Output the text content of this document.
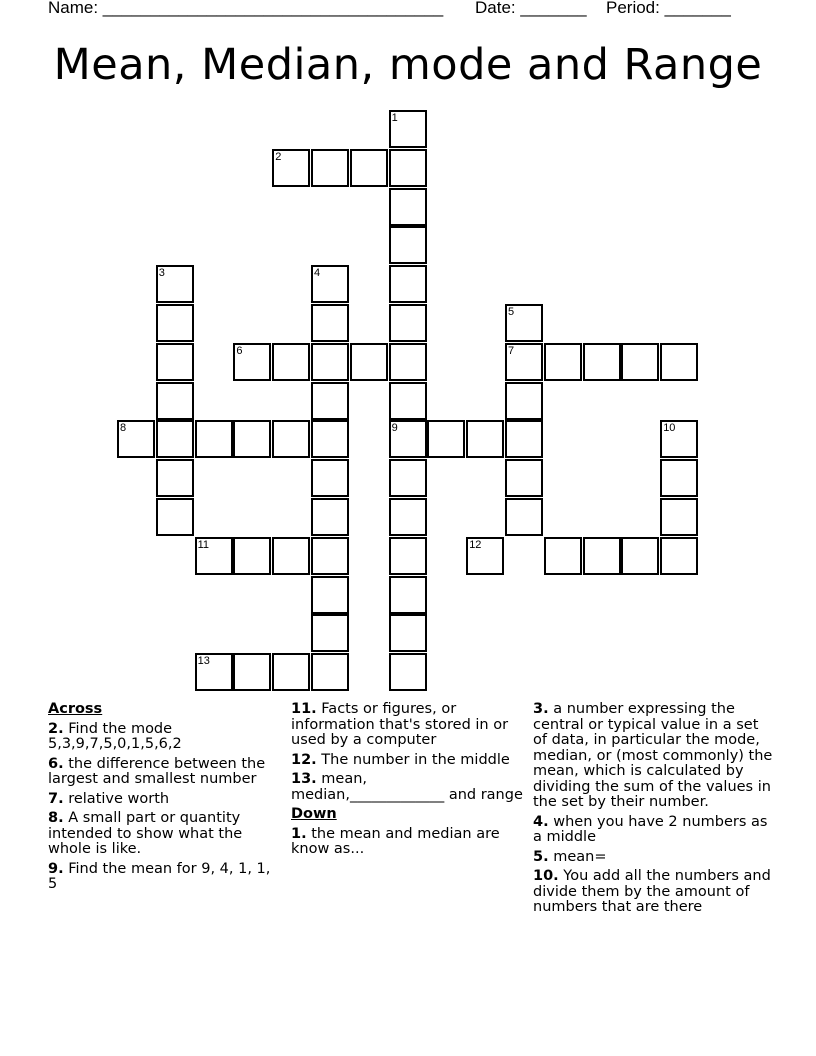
Name: ____________________________________ Date: _______ Period: _______
Mean, Median, mode and Range
1
9
2
3	4
5
7
6
8	10
11	12
13
Across
2. Find the mode 5,3,9,7,5,0,1,5,6,2
6. the difference between the largest and smallest number
7. relative worth
8. A small part or quantity intended to show what the whole is like.
9. Find the mean for 9, 4, 1, 1, 5
11. Facts or figures, or information that's stored in or used by a computer
12. The number in the middle
13. mean, median,_____________ and range
Down
1. the mean and median are know as...
3. a number expressing the central or typical value in a set of data, in particular the mode, median, or (most commonly) the mean, which is calculated by dividing the sum of the values in the set by their number.
4. when you have 2 numbers as a middle
5. mean=
10. You add all the numbers and divide them by the amount of numbers that are there
